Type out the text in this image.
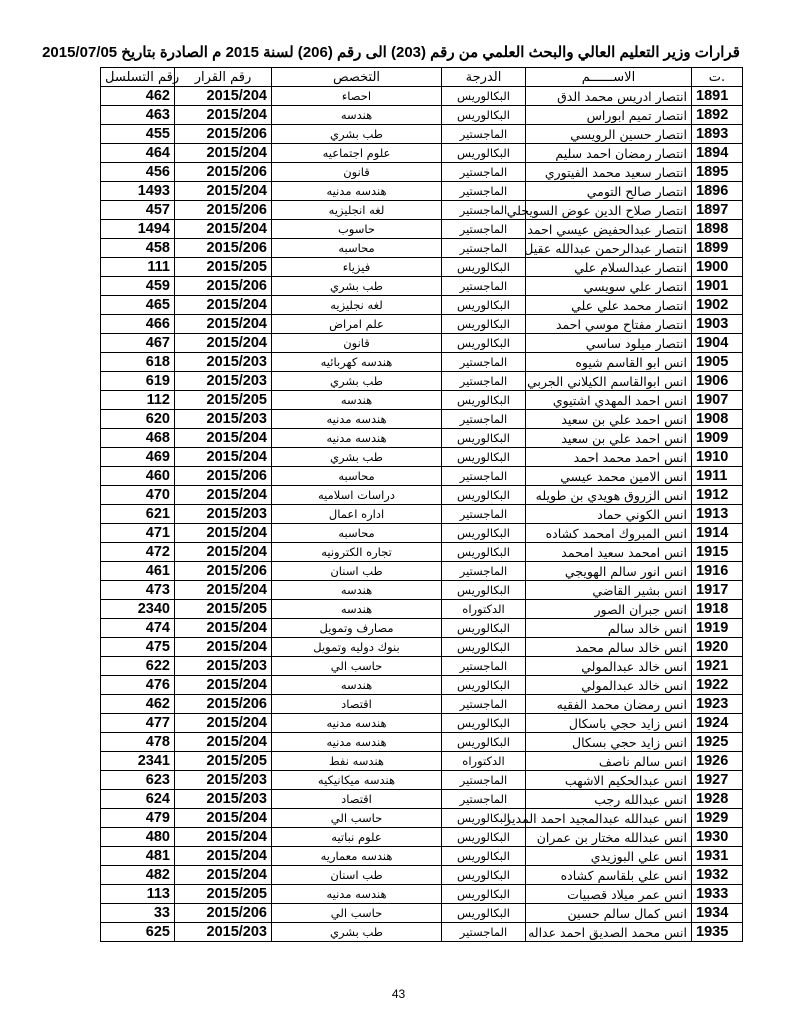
قرارات وزير التعليم العالي والبحث العلمي من رقم (203) الى رقم (206) لسنة 2015 م الصادرة بتاريخ 2015/07/05
رقم التسلسل	رقم القرار	التخصص	الدرجة	الاســــــم	ت.
462	2015/204	احصاء	البكالوريس	انتصار ادريس محمد الدق	1891
463	2015/204	هندسه	البكالوريس	انتصار تميم ابوراس	1892
455	2015/206	طب بشري	الماجستير	انتصار حسين الرويسي	1893
464	2015/204	علوم اجتماعيه	البكالوريس	انتصار رمضان احمد سليم	1894
456	2015/206	قانون	الماجستير	انتصار سعيد محمد الفيتوري	1895
1493	2015/204	هندسه مدنيه	الماجستير	انتصار صالح التومي	1896
457	2015/206	لغه انجليزيه	الماجستير	انتصار صلاح الدين عوض السويحلي	1897
1494	2015/204	حاسوب	الماجستير	انتصار عبدالحفيض عيسي احمد	1898
458	2015/206	محاسبه	الماجستير	انتصار عبدالرحمن عبدالله عقيل	1899
111	2015/205	فيزياء	البكالوريس	انتصار عبدالسلام علي	1900
459	2015/206	طب بشري	الماجستير	انتصار علي سويسي	1901
465	2015/204	لغه نجليزيه	البكالوريس	انتصار محمد علي علي	1902
466	2015/204	علم امراض	البكالوريس	انتصار مفتاح موسي احمد	1903
467	2015/204	قانون	البكالوريس	انتصار ميلود ساسي	1904
618	2015/203	هندسه كهربائيه	الماجستير	انس ابو القاسم شيوه	1905
619	2015/203	طب بشري	الماجستير	انس ابوالقاسم الكيلاني الجربي	1906
112	2015/205	هندسه	البكالوريس	انس احمد المهدي اشتيوي	1907
620	2015/203	هندسه مدنيه	الماجستير	انس احمد علي بن سعيد	1908
468	2015/204	هندسه مدنيه	البكالوريس	انس احمد علي بن سعيد	1909
469	2015/204	طب بشري	البكالوريس	انس احمد محمد احمد	1910
460	2015/206	محاسبه	الماجستير	انس الامين محمد عيسي	1911
470	2015/204	دراسات اسلاميه	البكالوريس	انس الزروق هويدي بن طويله	1912
621	2015/203	اداره اعمال	الماجستير	انس الكوني حماد	1913
471	2015/204	محاسبه	البكالوريس	انس المبروك امحمد كشاده	1914
472	2015/204	تجاره الكترونيه	البكالوريس	انس امحمد سعيد امحمد	1915
461	2015/206	طب اسنان	الماجستير	انس انور سالم الهويجي	1916
473	2015/204	هندسه	البكالوريس	انس بشير القاضي	1917
2340	2015/205	هندسه	الدكتوراه	انس جبران الصور	1918
474	2015/204	مصارف وتمويل	البكالوريس	انس خالد سالم	1919
475	2015/204	بنوك دوليه وتمويل	البكالوريس	انس خالد سالم محمد	1920
622	2015/203	حاسب الي	الماجستير	انس خالد عبدالمولي	1921
476	2015/204	هندسه	البكالوريس	انس خالد عبدالمولي	1922
462	2015/206	اقتصاد	الماجستير	انس رمضان محمد الفقيه	1923
477	2015/204	هندسه مدنيه	البكالوريس	انس زايد حجي باسكال	1924
478	2015/204	هندسه مدنيه	البكالوريس	انس زايد حجي بسكال	1925
2341	2015/205	هندسه نفط	الدكتوراه	انس سالم ناصف	1926
623	2015/203	هندسه ميكانيكيه	الماجستير	انس عبدالحكيم الاشهب	1927
624	2015/203	اقتصاد	الماجستير	انس عبدالله رجب	1928
479	2015/204	حاسب الي	البكالوريس	انس عبدالله عبدالمجيد احمد المدير	1929
480	2015/204	علوم نباتيه	البكالوريس	انس عبدالله مختار بن عمران	1930
481	2015/204	هندسه معماريه	البكالوريس	انس علي البوزيدي	1931
482	2015/204	طب اسنان	البكالوريس	انس علي بلقاسم كشاده	1932
113	2015/205	هندسه مدنيه	البكالوريس	انس عمر ميلاد قصبيات	1933
33	2015/206	حاسب الي	البكالوريس	انس كمال سالم حسين	1934
625	2015/203	طب بشري	الماجستير	انس محمد الصديق احمد عداله	1935
43
